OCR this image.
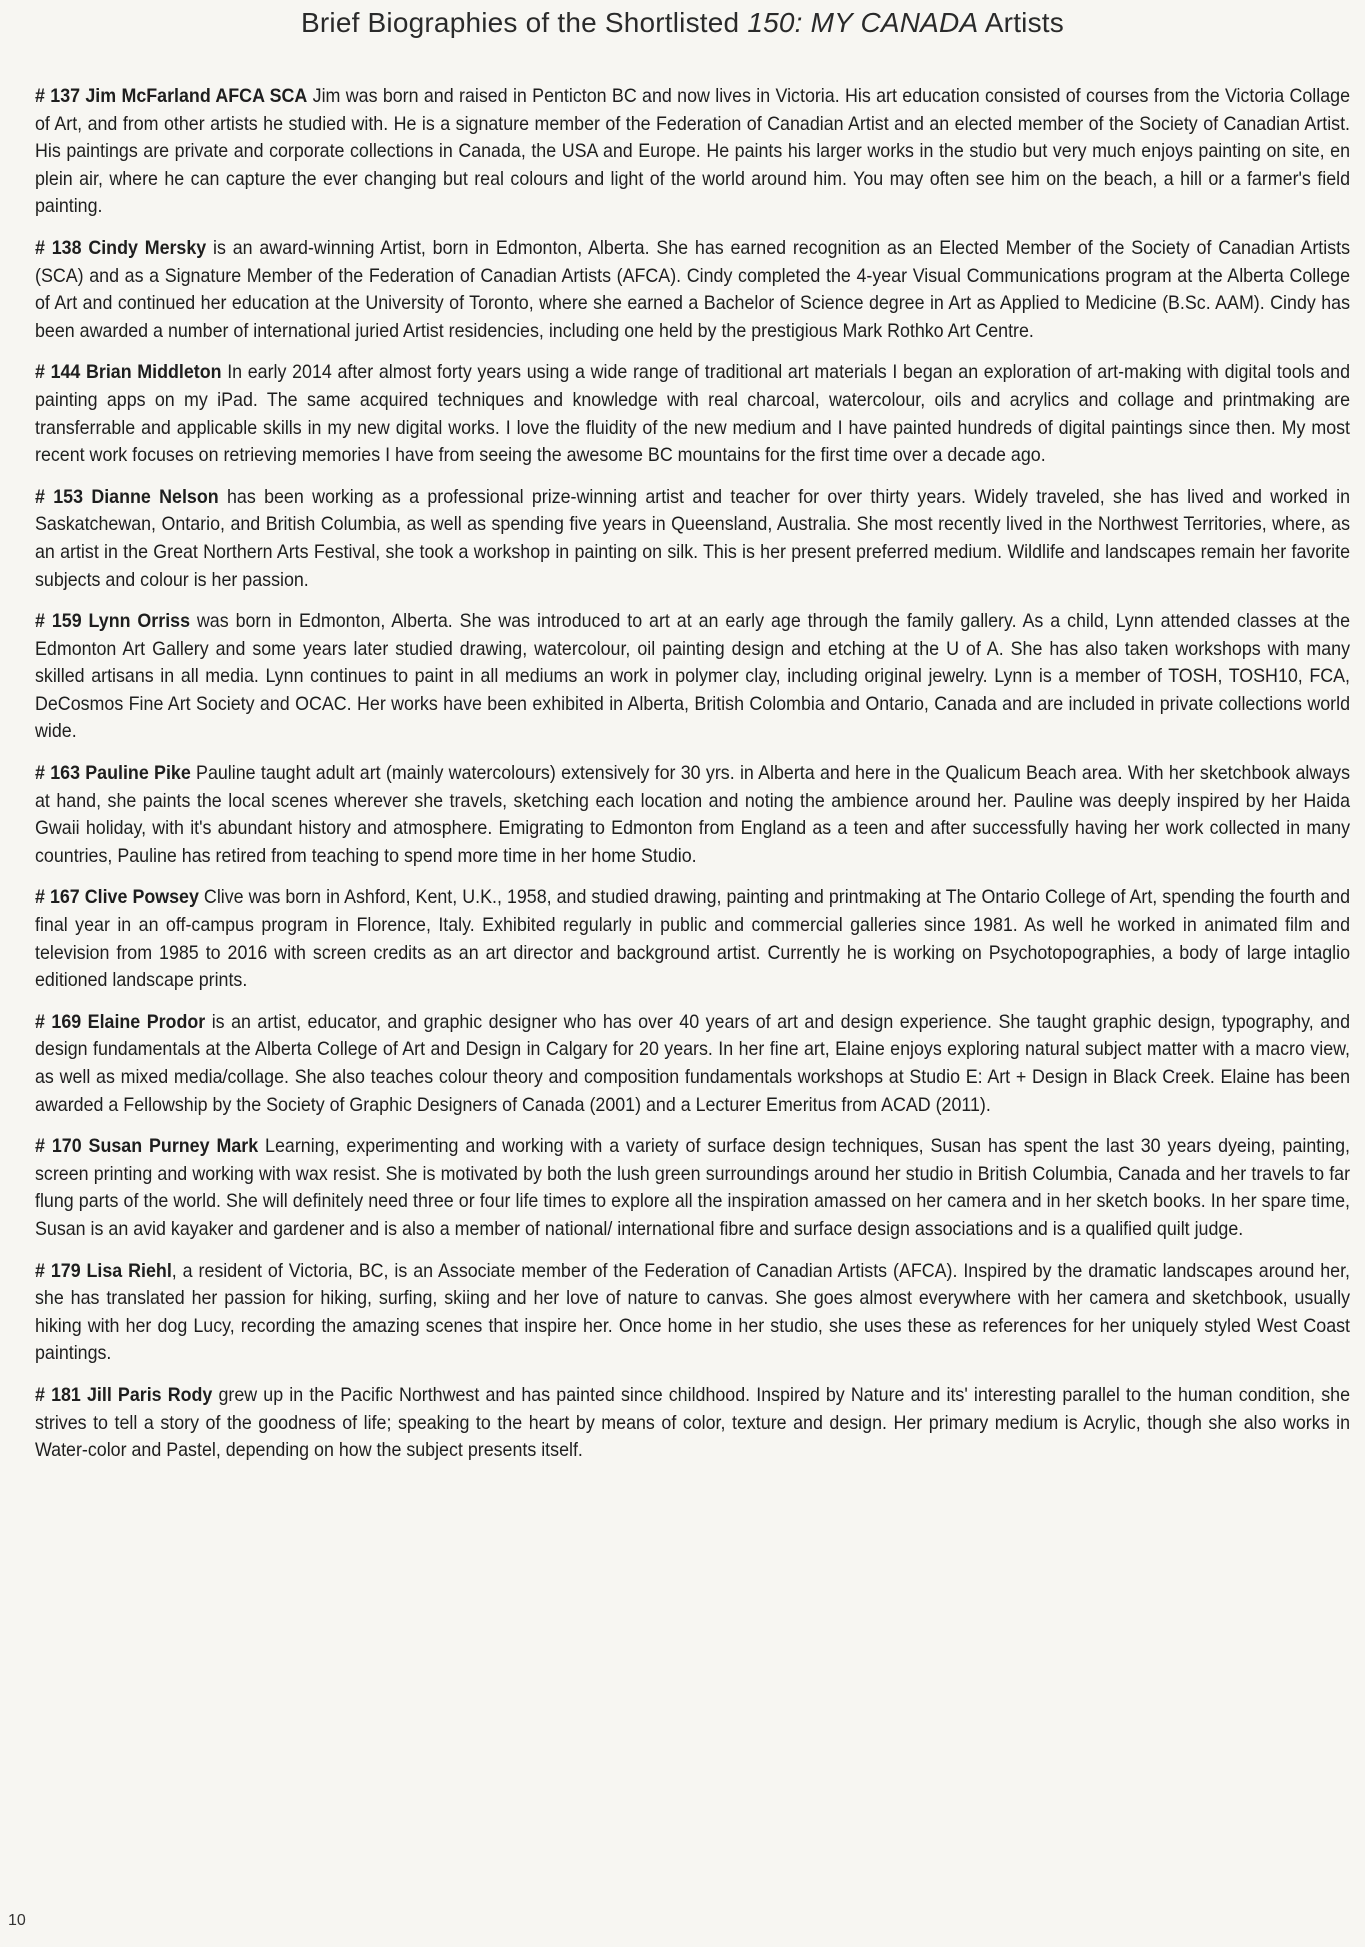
Brief Biographies of the Shortlisted 150: MY CANADA Artists

# 137 Jim McFarland AFCA SCA Jim was born and raised in Penticton BC and now lives in Victoria. His art education consisted of courses from the Victoria Collage of Art, and from other artists he studied with. He is a signature member of the Federation of Canadian Artist and an elected member of the Society of Canadian Artist. His paintings are private and corporate collections in Canada, the USA and Europe. He paints his larger works in the studio but very much enjoys painting on site, en plein air, where he can capture the ever changing but real colours and light of the world around him. You may often see him on the beach, a hill or a farmer's field painting.

# 138 Cindy Mersky is an award-winning Artist, born in Edmonton, Alberta. She has earned recognition as an Elected Member of the Society of Canadian Artists (SCA) and as a Signature Member of the Federation of Canadian Artists (AFCA). Cindy completed the 4-year Visual Communications program at the Alberta College of Art and continued her education at the University of Toronto, where she earned a Bachelor of Science degree in Art as Applied to Medicine (B.Sc. AAM). Cindy has been awarded a number of international juried Artist residencies, including one held by the prestigious Mark Rothko Art Centre.

# 144 Brian Middleton In early 2014 after almost forty years using a wide range of traditional art materials I began an exploration of art-making with digital tools and painting apps on my iPad. The same acquired techniques and knowledge with real charcoal, watercolour, oils and acrylics and collage and printmaking are transferrable and applicable skills in my new digital works. I love the fluidity of the new medium and I have painted hundreds of digital paintings since then. My most recent work focuses on retrieving memories I have from seeing the awesome BC mountains for the first time over a decade ago.

# 153 Dianne Nelson has been working as a professional prize-winning artist and teacher for over thirty years. Widely traveled, she has lived and worked in Saskatchewan, Ontario, and British Columbia, as well as spending five years in Queensland, Australia. She most recently lived in the Northwest Territories, where, as an artist in the Great Northern Arts Festival, she took a workshop in painting on silk. This is her present preferred medium. Wildlife and landscapes remain her favorite subjects and colour is her passion.

# 159 Lynn Orriss was born in Edmonton, Alberta. She was introduced to art at an early age through the family gallery. As a child, Lynn attended classes at the Edmonton Art Gallery and some years later studied drawing, watercolour, oil painting design and etching at the U of A. She has also taken workshops with many skilled artisans in all media. Lynn continues to paint in all mediums an work in polymer clay, including original jewelry. Lynn is a member of TOSH, TOSH10, FCA, DeCosmos Fine Art Society and OCAC. Her works have been exhibited in Alberta, British Colombia and Ontario, Canada and are included in private collections world wide.

# 163 Pauline Pike Pauline taught adult art (mainly watercolours) extensively for 30 yrs. in Alberta and here in the Qualicum Beach area. With her sketchbook always at hand, she paints the local scenes wherever she travels, sketching each location and noting the ambience around her. Pauline was deeply inspired by her Haida Gwaii holiday, with it's abundant history and atmosphere. Emigrating to Edmonton from England as a teen and after successfully having her work collected in many countries, Pauline has retired from teaching to spend more time in her home Studio.

# 167 Clive Powsey Clive was born in Ashford, Kent, U.K., 1958, and studied drawing, painting and printmaking at The Ontario College of Art, spending the fourth and final year in an off-campus program in Florence, Italy. Exhibited regularly in public and commercial galleries since 1981. As well he worked in animated film and television from 1985 to 2016 with screen credits as an art director and background artist. Currently he is working on Psychotopographies, a body of large intaglio editioned landscape prints.

# 169 Elaine Prodor is an artist, educator, and graphic designer who has over 40 years of art and design experience. She taught graphic design, typography, and design fundamentals at the Alberta College of Art and Design in Calgary for 20 years. In her fine art, Elaine enjoys exploring natural subject matter with a macro view, as well as mixed media/collage. She also teaches colour theory and composition fundamentals workshops at Studio E: Art + Design in Black Creek. Elaine has been awarded a Fellowship by the Society of Graphic Designers of Canada (2001) and a Lecturer Emeritus from ACAD (2011).

# 170 Susan Purney Mark Learning, experimenting and working with a variety of surface design techniques, Susan has spent the last 30 years dyeing, painting, screen printing and working with wax resist. She is motivated by both the lush green surroundings around her studio in British Columbia, Canada and her travels to far flung parts of the world. She will definitely need three or four life times to explore all the inspiration amassed on her camera and in her sketch books. In her spare time, Susan is an avid kayaker and gardener and is also a member of national/ international fibre and surface design associations and is a qualified quilt judge.

# 179 Lisa Riehl, a resident of Victoria, BC, is an Associate member of the Federation of Canadian Artists (AFCA). Inspired by the dramatic landscapes around her, she has translated her passion for hiking, surfing, skiing and her love of nature to canvas. She goes almost everywhere with her camera and sketchbook, usually hiking with her dog Lucy, recording the amazing scenes that inspire her. Once home in her studio, she uses these as references for her uniquely styled West Coast paintings.

# 181 Jill Paris Rody grew up in the Pacific Northwest and has painted since childhood. Inspired by Nature and its' interesting parallel to the human condition, she strives to tell a story of the goodness of life; speaking to the heart by means of color, texture and design. Her primary medium is Acrylic, though she also works in Water-color and Pastel, depending on how the subject presents itself.

10
